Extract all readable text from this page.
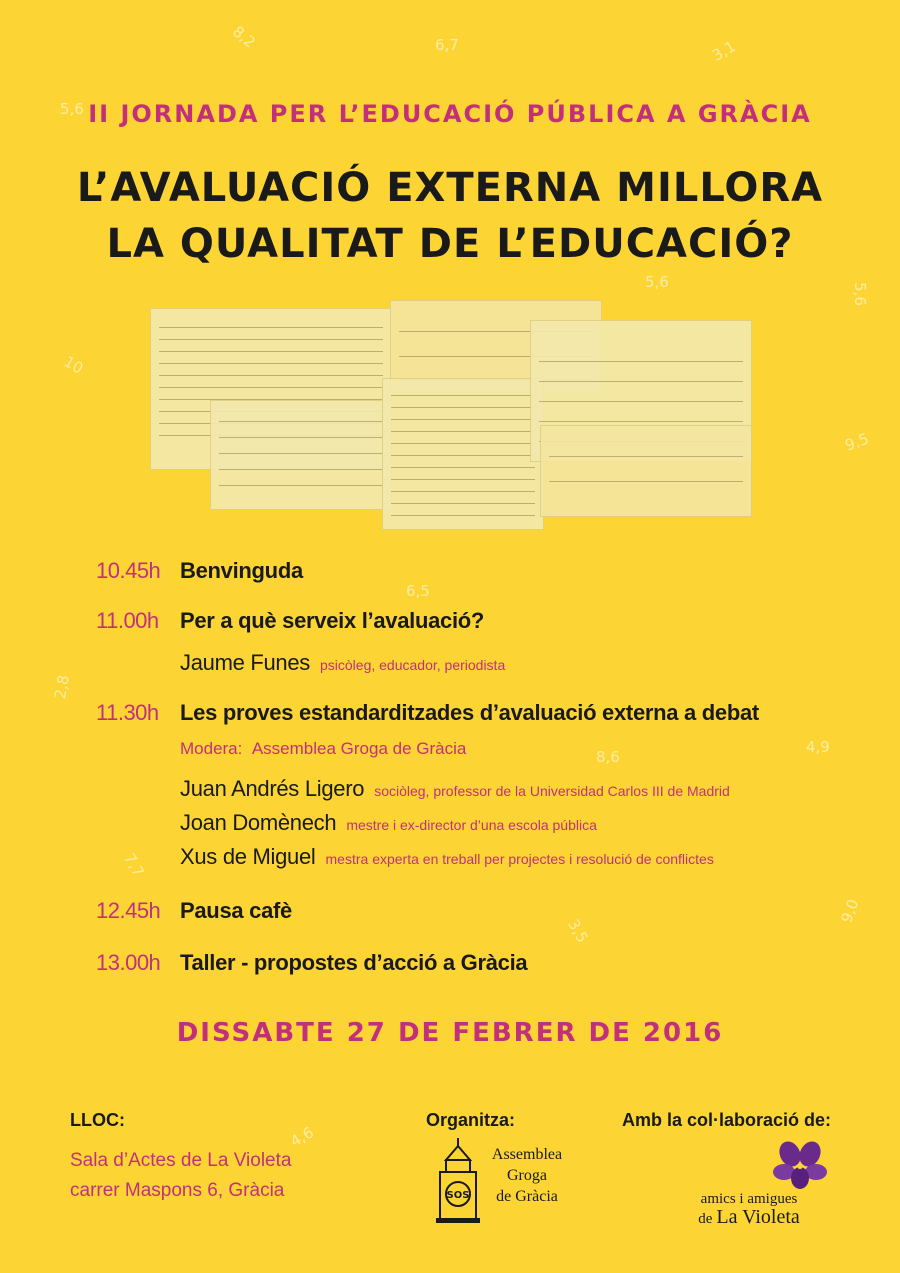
8,2	6,7	3,1
5,6
5,6
5,6
10
9,5
6,5
2,8
8,6
4,9
7,7
3,5
9,0
4,6
II JORNADA PER L’EDUCACIÓ PÚBLICA A GRÀCIA
L’AVALUACIÓ EXTERNA MILLORA
LA QUALITAT DE L’EDUCACIÓ?
10.45h Benvinguda
11.00h Per a què serveix l’avaluació?
Jaume Funes psicòleg, educador, periodista
11.30h Les proves estandarditzades d’avaluació externa a debat
Modera: Assemblea Groga de Gràcia
Juan Andrés Ligero sociòleg, professor de la Universidad Carlos III de Madrid
Joan Domènech mestre i ex-director d’una escola pública
Xus de Miguel mestra experta en treball per projectes i resolució de conflictes
12.45h Pausa cafè
13.00h Taller - propostes d’acció a Gràcia
DISSABTE 27 DE FEBRER DE 2016
LLOC:
Sala d’Actes de La Violeta
carrer Maspons 6, Gràcia
Organitza:
SOS
Assemblea
Groga
de Gràcia
Amb la col·laboració de:
amics i amigues
de La Violeta
